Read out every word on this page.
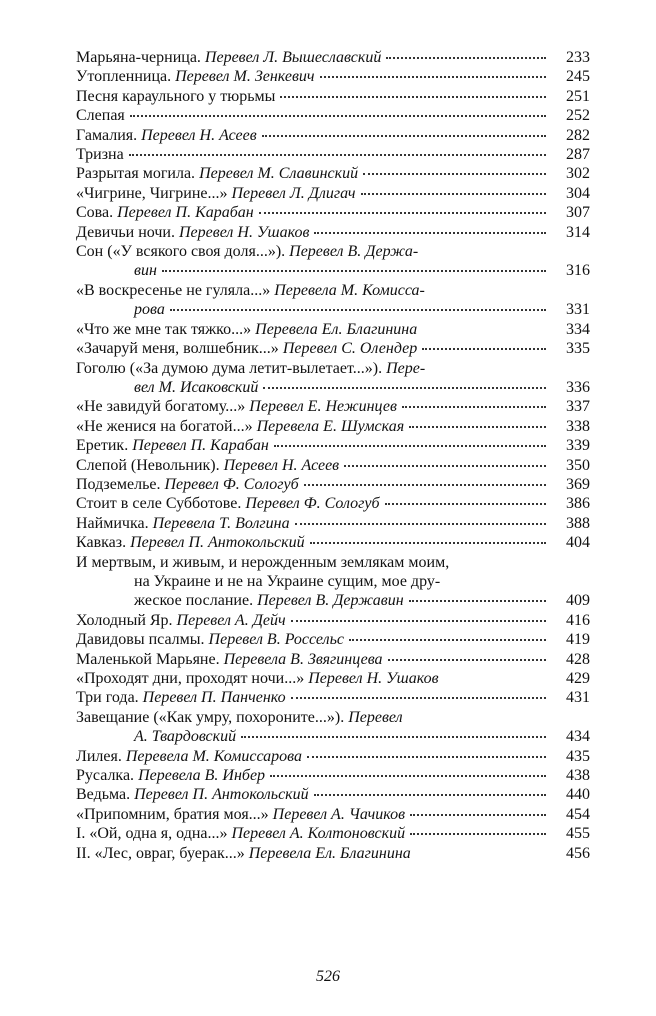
Марьяна-черница. Перевел Л. Вышеславский	233
Утопленница. Перевел М. Зенкевич	245
Песня караульного у тюрьмы	251
Слепая	252
Гамалия. Перевел Н. Асеев	282
Тризна	287
Разрытая могила. Перевел М. Славинский	302
«Чигрине, Чигрине...» Перевел Л. Длигач	304
Сова. Перевел П. Карабан	307
Девичьи ночи. Перевел Н. Ушаков	314
Сон («У всякого своя доля...»). Перевел В. Держа-
вин	316
«В воскресенье не гуляла...» Перевела М. Комисса-
рова	331
«Что же мне так тяжко...» Перевела Ел. Благинина	334
«Зачаруй меня, волшебник...» Перевел С. Олендер	335
Гоголю («За думою дума летит-вылетает...»). Пере-
вел М. Исаковский	336
«Не завидуй богатому...» Перевел Е. Нежинцев	337
«Не женися на богатой...» Перевела Е. Шумская	338
Еретик. Перевел П. Карабан	339
Слепой (Невольник). Перевел Н. Асеев	350
Подземелье. Перевел Ф. Сологуб	369
Стоит в селе Субботове. Перевел Ф. Сологуб	386
Наймичка. Перевела Т. Волгина	388
Кавказ. Перевел П. Антокольский	404
И мертвым, и живым, и нерожденным землякам моим,
на Украине и не на Украине сущим, мое дру-
жеское послание. Перевел В. Державин	409
Холодный Яр. Перевел А. Дейч	416
Давидовы псалмы. Перевел В. Россельс	419
Маленькой Марьяне. Перевела В. Звягинцева	428
«Проходят дни, проходят ночи...» Перевел Н. Ушаков	429
Три года. Перевел П. Панченко	431
Завещание («Как умру, похороните...»). Перевел
А. Твардовский	434
Лилея. Перевела М. Комиссарова	435
Русалка. Перевела В. Инбер	438
Ведьма. Перевел П. Антокольский	440
«Припомним, братия моя...» Перевел А. Чачиков	454
I. «Ой, одна я, одна...» Перевел А. Колтоновский	455
II. «Лес, овраг, буерак...» Перевела Ел. Благинина	456
526
